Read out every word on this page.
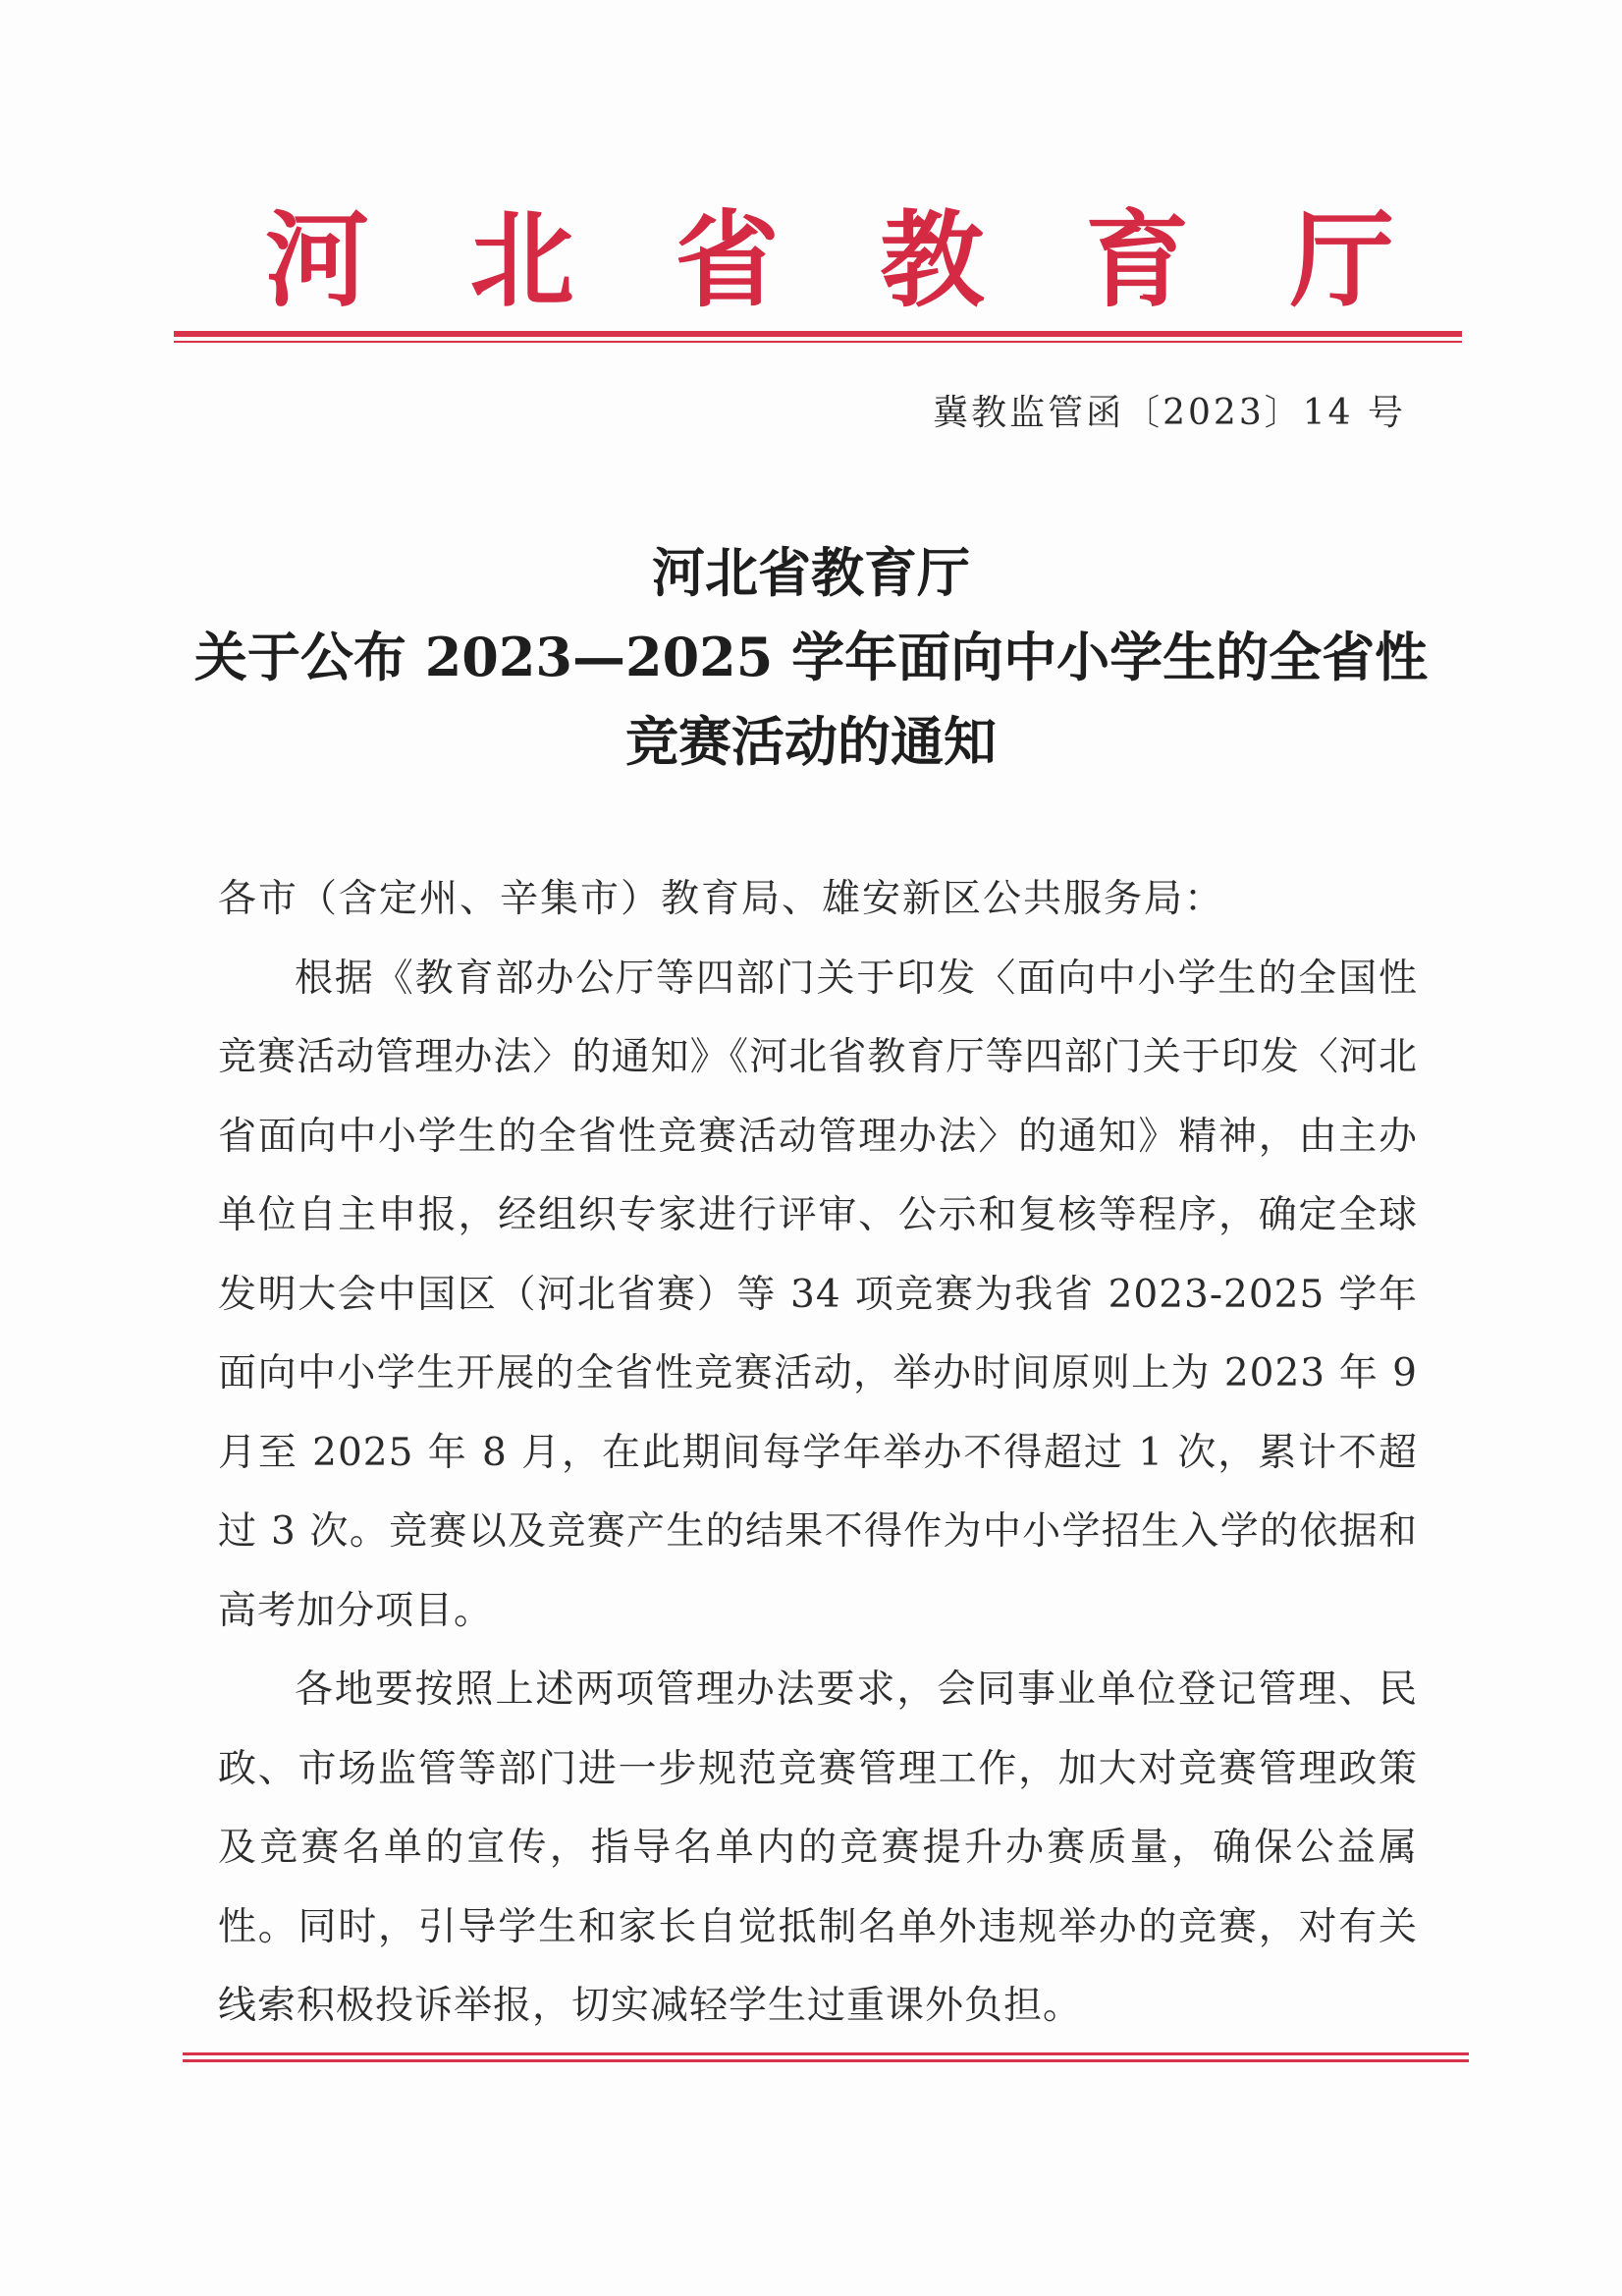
河 北 省 教 育 厅
冀教监管函〔2023〕14 号
河北省教育厅
关于公布 2023—2025 学年面向中小学生的全省性
竞赛活动的通知

各市（含定州、辛集市）教育局、雄安新区公共服务局：

根据《教育部办公厅等四部门关于印发〈面向中小学生的全国性竞赛活动管理办法〉的通知》《河北省教育厅等四部门关于印发〈河北省面向中小学生的全省性竞赛活动管理办法〉的通知》精神，由主办单位自主申报，经组织专家进行评审、公示和复核等程序，确定全球发明大会中国区（河北省赛）等 34 项竞赛为我省 2023-2025 学年面向中小学生开展的全省性竞赛活动，举办时间原则上为 2023 年 9 月至 2025 年 8 月，在此期间每学年举办不得超过 1 次，累计不超过 3 次。竞赛以及竞赛产生的结果不得作为中小学招生入学的依据和高考加分项目。

各地要按照上述两项管理办法要求，会同事业单位登记管理、民政、市场监管等部门进一步规范竞赛管理工作，加大对竞赛管理政策及竞赛名单的宣传，指导名单内的竞赛提升办赛质量，确保公益属性。同时，引导学生和家长自觉抵制名单外违规举办的竞赛，对有关线索积极投诉举报，切实减轻学生过重课外负担。
